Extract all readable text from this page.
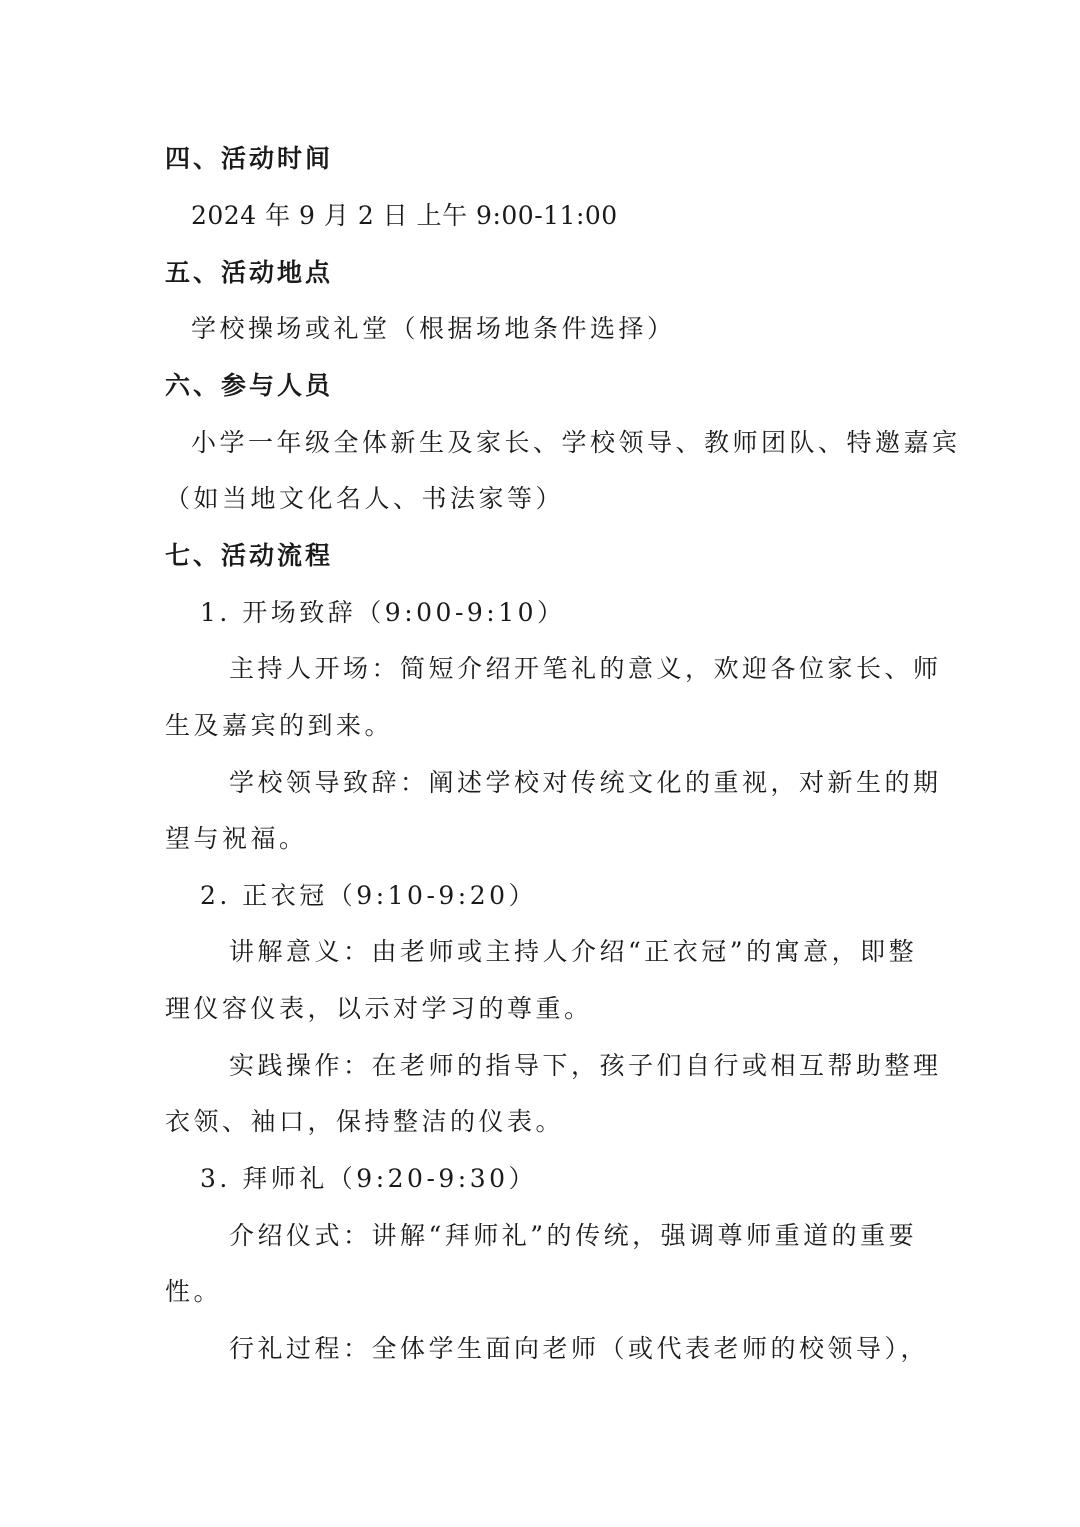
四、活动时间
2024 年 9 月 2 日 上午 9:00-11:00
五、活动地点
学校操场或礼堂（根据场地条件选择）
六、参与人员
小学一年级全体新生及家长、学校领导、教师团队、特邀嘉宾
（如当地文化名人、书法家等）
七、活动流程
1. 开场致辞（9:00-9:10）
主持人开场：简短介绍开笔礼的意义，欢迎各位家长、师
生及嘉宾的到来。
学校领导致辞：阐述学校对传统文化的重视，对新生的期
望与祝福。
2. 正衣冠（9:10-9:20）
讲解意义：由老师或主持人介绍“正衣冠”的寓意，即整
理仪容仪表，以示对学习的尊重。
实践操作：在老师的指导下，孩子们自行或相互帮助整理
衣领、袖口，保持整洁的仪表。
3. 拜师礼（9:20-9:30）
介绍仪式：讲解“拜师礼”的传统，强调尊师重道的重要
性。
行礼过程：全体学生面向老师（或代表老师的校领导），
